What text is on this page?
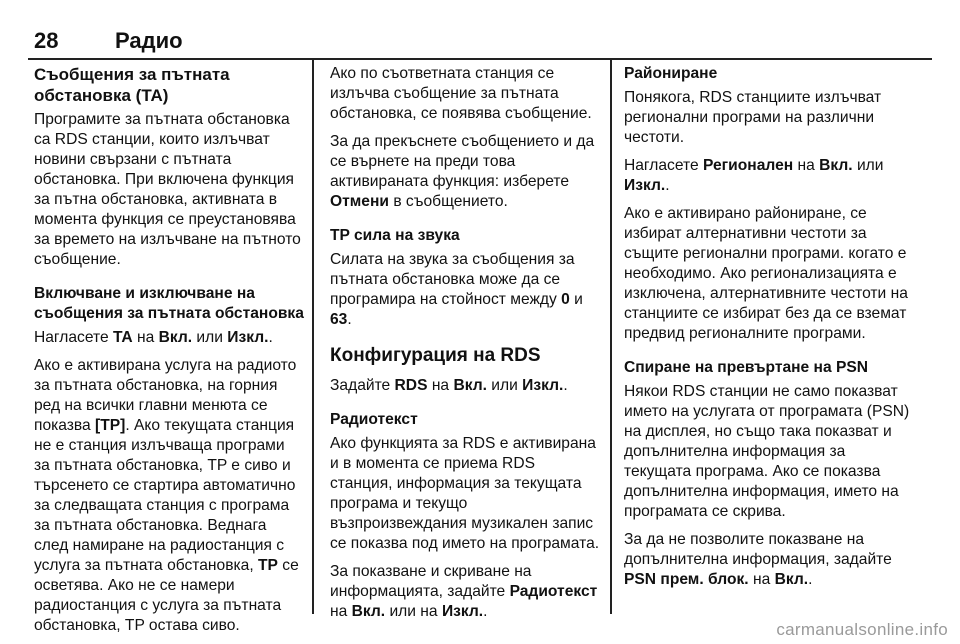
28	Радио
Съобщения за пътната обстановка (TA)

Програмите за пътната обстановка са RDS станции, които излъчват новини свързани с пътната обстановка. При включена функция за пътна обстановка, активната в момента функция се преустановява за времето на излъчване на пътното съобщение.

Включване и изключване на съобщения за пътната обстановка

Нагласете TA на Вкл. или Изкл..

Ако е активирана услуга на радиото за пътната обстановка, на горния ред на всички главни менюта се показва [TP]. Ако текущата станция не е станция излъчваща програми за пътната обстановка, TP е сиво и търсенето се стартира автоматично за следващата станция с програма за пътната обстановка. Веднага след намиране на радиостанция с услуга за пътната обстановка, TP се осветява. Ако не се намери радиостанция с услуга за пътната обстановка, TP остава сиво.

Ако по съответната станция се излъчва съобщение за пътната обстановка, се появява съобщение.

За да прекъснете съобщението и да се върнете на преди това активираната функция: изберете Отмени в съобщението.

TP сила на звука

Силата на звука за съобщения за пътната обстановка може да се програмира на стойност между 0 и 63.

Конфигурация на RDS

Задайте RDS на Вкл. или Изкл..

Радиотекст

Ако функцията за RDS е активирана и в момента се приема RDS станция, информация за текущата програма и текущо възпроизвеждания музикален запис се показва под името на програмата.

За показване и скриване на информацията, задайте Радиотекст на Вкл. или на Изкл..

Райониране

Понякога, RDS станциите излъчват регионални програми на различни честоти.

Нагласете Регионален на Вкл. или Изкл..

Ако е активирано райониране, се избират алтернативни честоти за същите регионални програми. когато е необходимо. Ако регионализацията е изключена, алтернативните честоти на станциите се избират без да се вземат предвид регионалните програми.

Спиране на превъртане на PSN

Някои RDS станции не само показват името на услугата от програмата (PSN) на дисплея, но също така показват и допълнителна информация за текущата програма. Ако се показва допълнителна информация, името на програмата се скрива.

За да не позволите показване на допълнителна информация, задайте PSN прем. блок. на Вкл..

carmanualsonline.info
